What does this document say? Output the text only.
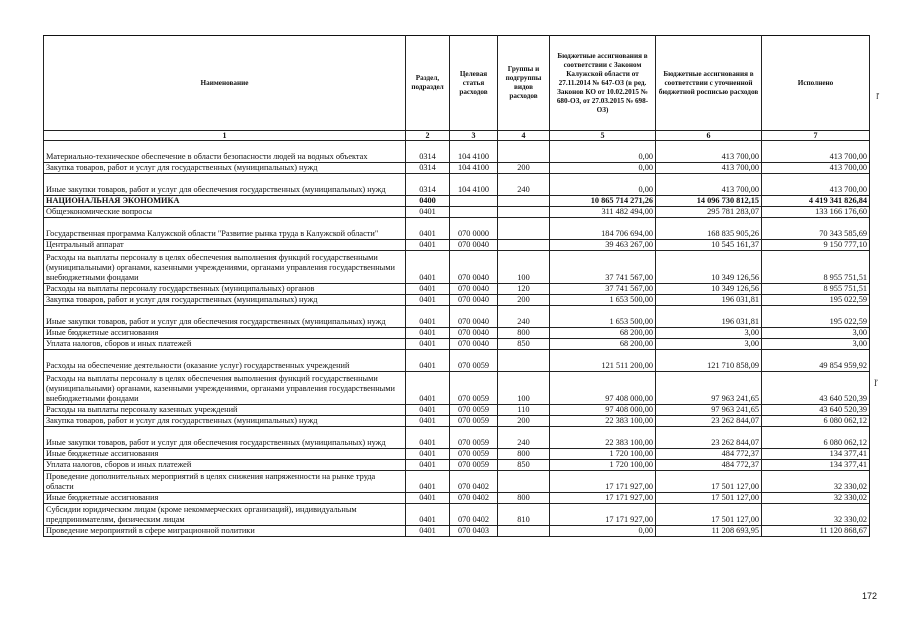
Наименование	Раздел, подраздел	Целевая статья расходов	Группы и подгруппы видов расходов	Бюджетные ассигнования в соответствии с Законом Калужской области от 27.11.2014 № 647-ОЗ (в ред. Законов КО от 10.02.2015 № 680-ОЗ, от 27.03.2015 № 698-ОЗ)	Бюджетные ассигнования в соответствии с уточненной бюджетной росписью расходов	Исполнено
1	2	3	4	5	6	7
Материально-техническое обеспечение в области безопасности людей на водных объектах	0314	104 4100		0,00	413 700,00	413 700,00
Закупка товаров, работ и услуг для государственных (муниципальных) нужд	0314	104 4100	200	0,00	413 700,00	413 700,00
Иные закупки товаров, работ и услуг для обеспечения государственных (муниципальных) нужд	0314	104 4100	240	0,00	413 700,00	413 700,00
НАЦИОНАЛЬНАЯ ЭКОНОМИКА	0400			10 865 714 271,26	14 096 730 812,15	4 419 341 826,84
Общеэкономические вопросы	0401			311 482 494,00	295 781 283,07	133 166 176,60
Государственная программа Калужской области "Развитие рынка труда в Калужской области"	0401	070 0000		184 706 694,00	168 835 905,26	70 343 585,69
Центральный аппарат	0401	070 0040		39 463 267,00	10 545 161,37	9 150 777,10
Расходы на выплаты персоналу в целях обеспечения выполнения функций государственными (муниципальными) органами, казенными учреждениями, органами управления государственными внебюджетными фондами	0401	070 0040	100	37 741 567,00	10 349 126,56	8 955 751,51
Расходы на выплаты персоналу государственных (муниципальных) органов	0401	070 0040	120	37 741 567,00	10 349 126,56	8 955 751,51
Закупка товаров, работ и услуг для государственных (муниципальных) нужд	0401	070 0040	200	1 653 500,00	196 031,81	195 022,59
Иные закупки товаров, работ и услуг для обеспечения государственных (муниципальных) нужд	0401	070 0040	240	1 653 500,00	196 031,81	195 022,59
Иные бюджетные ассигнования	0401	070 0040	800	68 200,00	3,00	3,00
Уплата налогов, сборов и иных платежей	0401	070 0040	850	68 200,00	3,00	3,00
Расходы на обеспечение деятельности (оказание услуг) государственных учреждений	0401	070 0059		121 511 200,00	121 710 858,09	49 854 959,92
Расходы на выплаты персоналу в целях обеспечения выполнения функций государственными (муниципальными) органами, казенными учреждениями, органами управления государственными внебюджетными фондами	0401	070 0059	100	97 408 000,00	97 963 241,65	43 640 520,39
Расходы на выплаты персоналу казенных учреждений	0401	070 0059	110	97 408 000,00	97 963 241,65	43 640 520,39
Закупка товаров, работ и услуг для государственных (муниципальных) нужд	0401	070 0059	200	22 383 100,00	23 262 844,07	6 080 062,12
Иные закупки товаров, работ и услуг для обеспечения государственных (муниципальных) нужд	0401	070 0059	240	22 383 100,00	23 262 844,07	6 080 062,12
Иные бюджетные ассигнования	0401	070 0059	800	1 720 100,00	484 772,37	134 377,41
Уплата налогов, сборов и иных платежей	0401	070 0059	850	1 720 100,00	484 772,37	134 377,41
Проведение дополнительных мероприятий в целях снижения напряженности на рынке труда области	0401	070 0402		17 171 927,00	17 501 127,00	32 330,02
Иные бюджетные ассигнования	0401	070 0402	800	17 171 927,00	17 501 127,00	32 330,02
Субсидии юридическим лицам (кроме некоммерческих организаций), индивидуальным предпринимателям, физическим лицам	0401	070 0402	810	17 171 927,00	17 501 127,00	32 330,02
Проведение мероприятий в сфере миграционной политики	0401	070 0403		0,00	11 208 693,95	11 120 868,67
ľ
ľ
172
